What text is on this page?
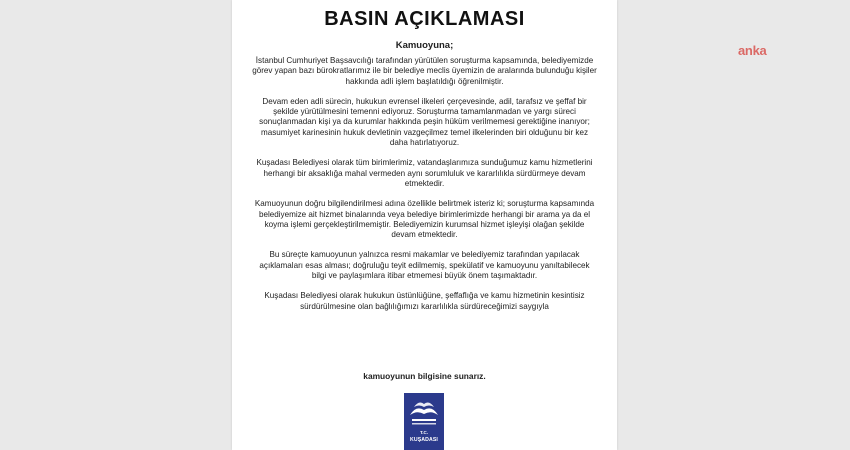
BASIN AÇIKLAMASI
Kamuoyuna;

İstanbul Cumhuriyet Başsavcılığı tarafından yürütülen soruşturma kapsamında, belediyemizde görev yapan bazı bürokratlarımız ile bir belediye meclis üyemizin de aralarında bulunduğu kişiler hakkında adli işlem başlatıldığı öğrenilmiştir.

Devam eden adli sürecin, hukukun evrensel ilkeleri çerçevesinde, adil, tarafsız ve şeffaf bir şekilde yürütülmesini temenni ediyoruz. Soruşturma tamamlanmadan ve yargı süreci sonuçlanmadan kişi ya da kurumlar hakkında peşin hüküm verilmemesi gerektiğine inanıyor; masumiyet karinesinin hukuk devletinin vazgeçilmez temel ilkelerinden biri olduğunu bir kez daha hatırlatıyoruz.

Kuşadası Belediyesi olarak tüm birimlerimiz, vatandaşlarımıza sunduğumuz kamu hizmetlerini herhangi bir aksaklığa mahal vermeden aynı sorumluluk ve kararlılıkla sürdürmeye devam etmektedir.

Kamuoyunun doğru bilgilendirilmesi adına özellikle belirtmek isteriz ki; soruşturma kapsamında belediyemize ait hizmet binalarında veya belediye birimlerimizde herhangi bir arama ya da el koyma işlemi gerçekleştirilmemiştir. Belediyemizin kurumsal hizmet işleyişi olağan şekilde devam etmektedir.

Bu süreçte kamuoyunun yalnızca resmi makamlar ve belediyemiz tarafından yapılacak açıklamaları esas alması; doğruluğu teyit edilmemiş, spekülatif ve kamuoyunu yanıltabilecek bilgi ve paylaşımlara itibar etmemesi büyük önem taşımaktadır.

Kuşadası Belediyesi olarak hukukun üstünlüğüne, şeffaflığa ve kamu hizmetinin kesintisiz sürdürülmesine olan bağlılığımızı kararlılıkla sürdüreceğimizi saygıyla

kamuoyunun bilgisine sunarız.
T.C.
KUŞADASI
anka
